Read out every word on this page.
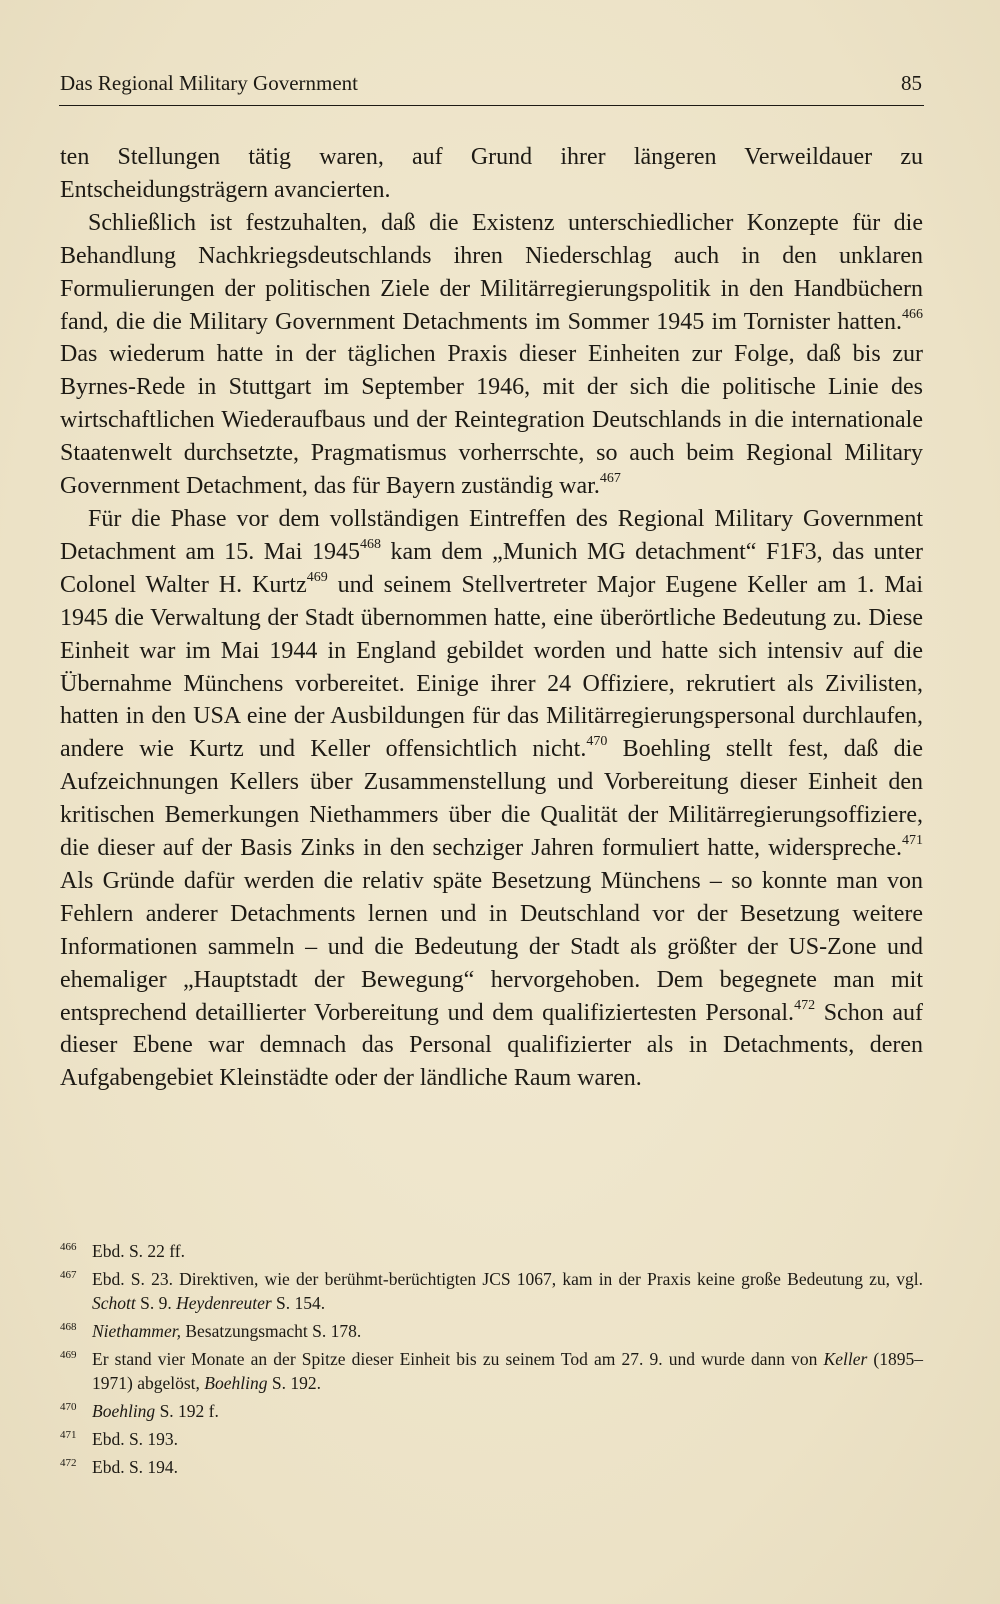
Das Regional Military Government	85

ten Stellungen tätig waren, auf Grund ihrer längeren Verweildauer zu Entscheidungsträgern avancierten.

Schließlich ist festzuhalten, daß die Existenz unterschiedlicher Konzepte für die Behandlung Nachkriegsdeutschlands ihren Niederschlag auch in den unklaren Formulierungen der politischen Ziele der Militärregierungspolitik in den Handbüchern fand, die die Military Government Detachments im Sommer 1945 im Tornister hatten.$^{466}$ Das wiederum hatte in der täglichen Praxis dieser Einheiten zur Folge, daß bis zur Byrnes-Rede in Stuttgart im September 1946, mit der sich die politische Linie des wirtschaftlichen Wiederaufbaus und der Reintegration Deutschlands in die internationale Staatenwelt durchsetzte, Pragmatismus vorherrschte, so auch beim Regional Military Government Detachment, das für Bayern zuständig war.$^{467}$

Für die Phase vor dem vollständigen Eintreffen des Regional Military Government Detachment am 15. Mai 1945$^{468}$ kam dem „Munich MG detachment“ F1F3, das unter Colonel Walter H. Kurtz$^{469}$ und seinem Stellvertreter Major Eugene Keller am 1. Mai 1945 die Verwaltung der Stadt übernommen hatte, eine überörtliche Bedeutung zu. Diese Einheit war im Mai 1944 in England gebildet worden und hatte sich intensiv auf die Übernahme Münchens vorbereitet. Einige ihrer 24 Offiziere, rekrutiert als Zivilisten, hatten in den USA eine der Ausbildungen für das Militärregierungspersonal durchlaufen, andere wie Kurtz und Keller offensichtlich nicht.$^{470}$ Boehling stellt fest, daß die Aufzeichnungen Kellers über Zusammenstellung und Vorbereitung dieser Einheit den kritischen Bemerkungen Niethammers über die Qualität der Militärregierungsoffiziere, die dieser auf der Basis Zinks in den sechziger Jahren formuliert hatte, widerspreche.$^{471}$ Als Gründe dafür werden die relativ späte Besetzung Münchens – so konnte man von Fehlern anderer Detachments lernen und in Deutschland vor der Besetzung weitere Informationen sammeln – und die Bedeutung der Stadt als größter der US-Zone und ehemaliger „Hauptstadt der Bewegung“ hervorgehoben. Dem begegnete man mit entsprechend detaillierter Vorbereitung und dem qualifiziertesten Personal.$^{472}$ Schon auf dieser Ebene war demnach das Personal qualifizierter als in Detachments, deren Aufgabengebiet Kleinstädte oder der ländliche Raum waren.

466 Ebd. S. 22 ff.
467 Ebd. S. 23. Direktiven, wie der berühmt-berüchtigten JCS 1067, kam in der Praxis keine große Bedeutung zu, vgl. Schott S. 9. Heydenreuter S. 154.
468 Niethammer, Besatzungsmacht S. 178.
469 Er stand vier Monate an der Spitze dieser Einheit bis zu seinem Tod am 27. 9. und wurde dann von Keller (1895–1971) abgelöst, Boehling S. 192.
470 Boehling S. 192 f.
471 Ebd. S. 193.
472 Ebd. S. 194.
